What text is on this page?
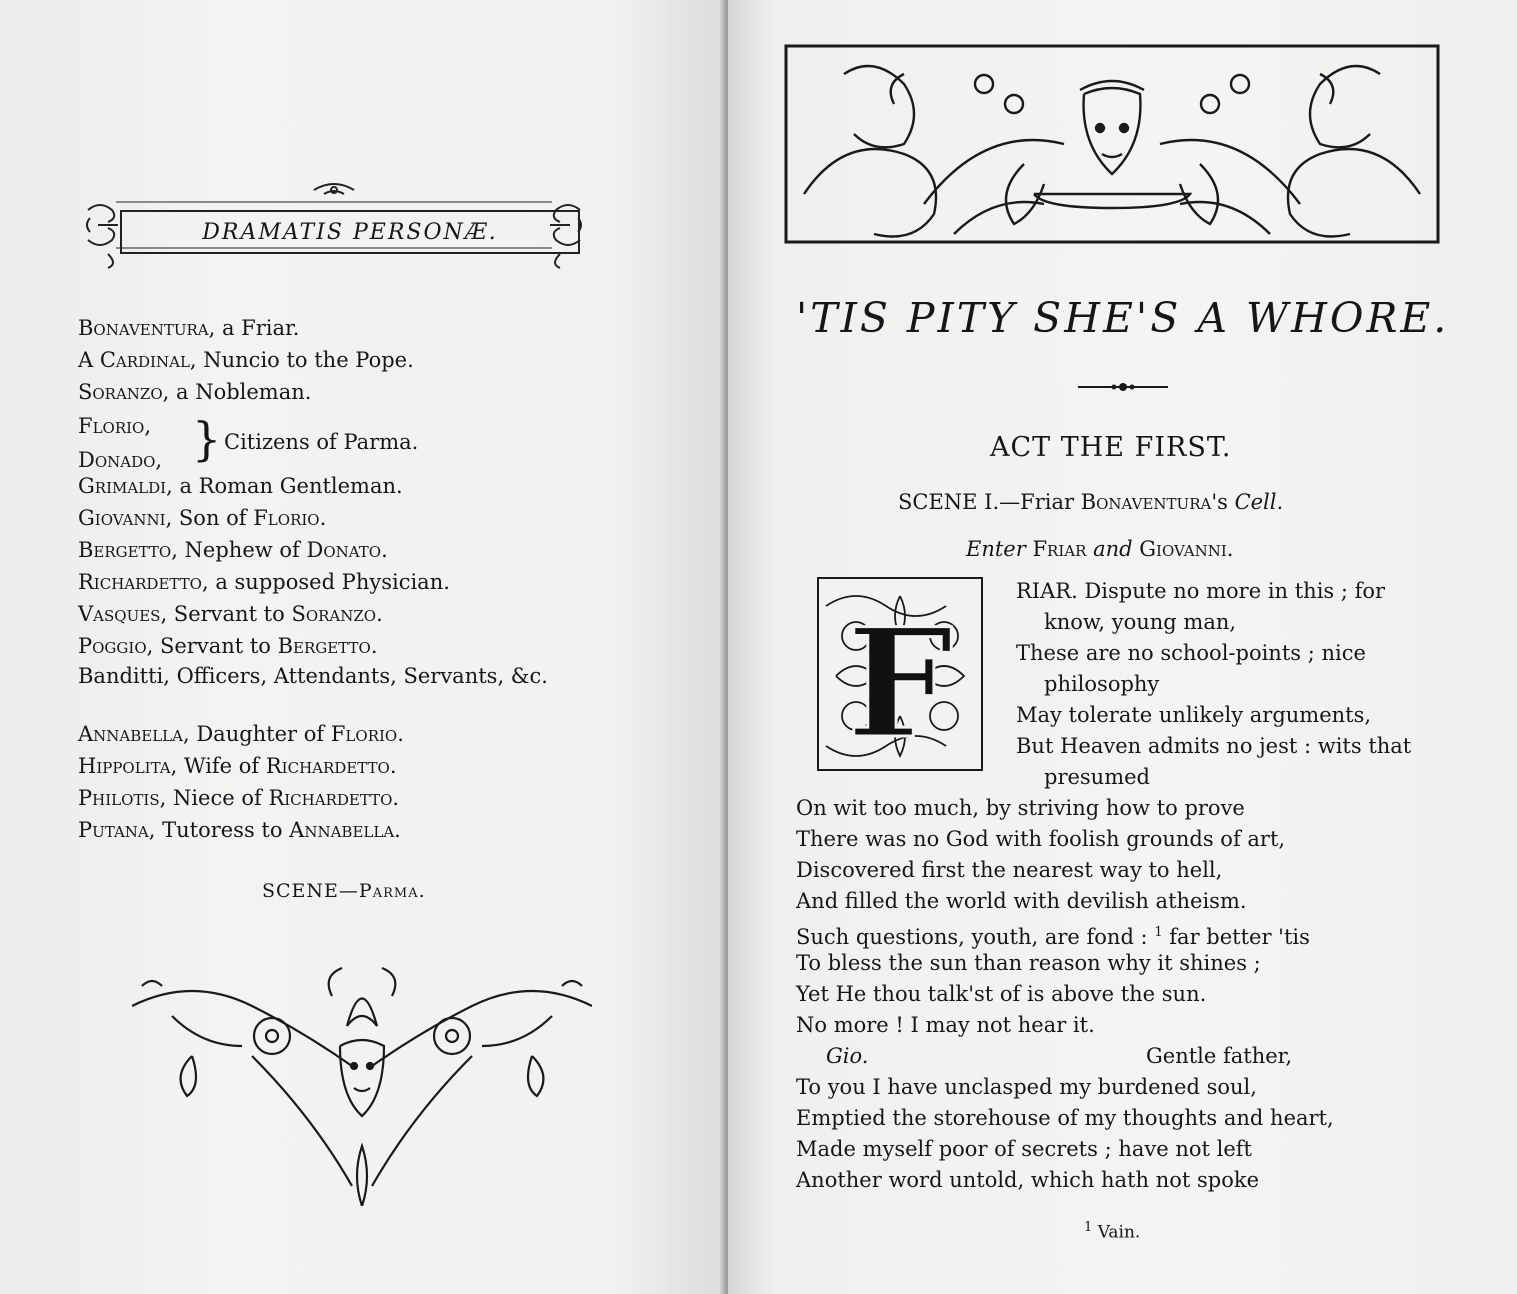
DRAMATIS PERSONÆ.
Bonaventura, a Friar.
A Cardinal, Nuncio to the Pope.
Soranzo, a Nobleman.
Florio,
Donado, } Citizens of Parma.
Grimaldi, a Roman Gentleman.
Giovanni, Son of Florio.
Bergetto, Nephew of Donato.
Richardetto, a supposed Physician.
Vasques, Servant to Soranzo.
Poggio, Servant to Bergetto.
Banditti, Officers, Attendants, Servants, &c.
Annabella, Daughter of Florio.
Hippolita, Wife of Richardetto.
Philotis, Niece of Richardetto.
Putana, Tutoress to Annabella.
SCENE—Parma.
'TIS PITY SHE'S A WHORE.
ACT THE FIRST.
SCENE I.—Friar Bonaventura's Cell.
Enter Friar and Giovanni.
F
RIAR. Dispute no more in this ; for
know, young man,
These are no school-points ; nice
philosophy
May tolerate unlikely arguments,
But Heaven admits no jest : wits that
presumed
On wit too much, by striving how to prove
There was no God with foolish grounds of art,
Discovered first the nearest way to hell,
And filled the world with devilish atheism.
Such questions, youth, are fond : $^1$ far better 'tis
To bless the sun than reason why it shines ;
Yet He thou talk'st of is above the sun.
No more ! I may not hear it.
Gio.	Gentle father,
To you I have unclasped my burdened soul,
Emptied the storehouse of my thoughts and heart,
Made myself poor of secrets ; have not left
Another word untold, which hath not spoke
$^1$ Vain.
